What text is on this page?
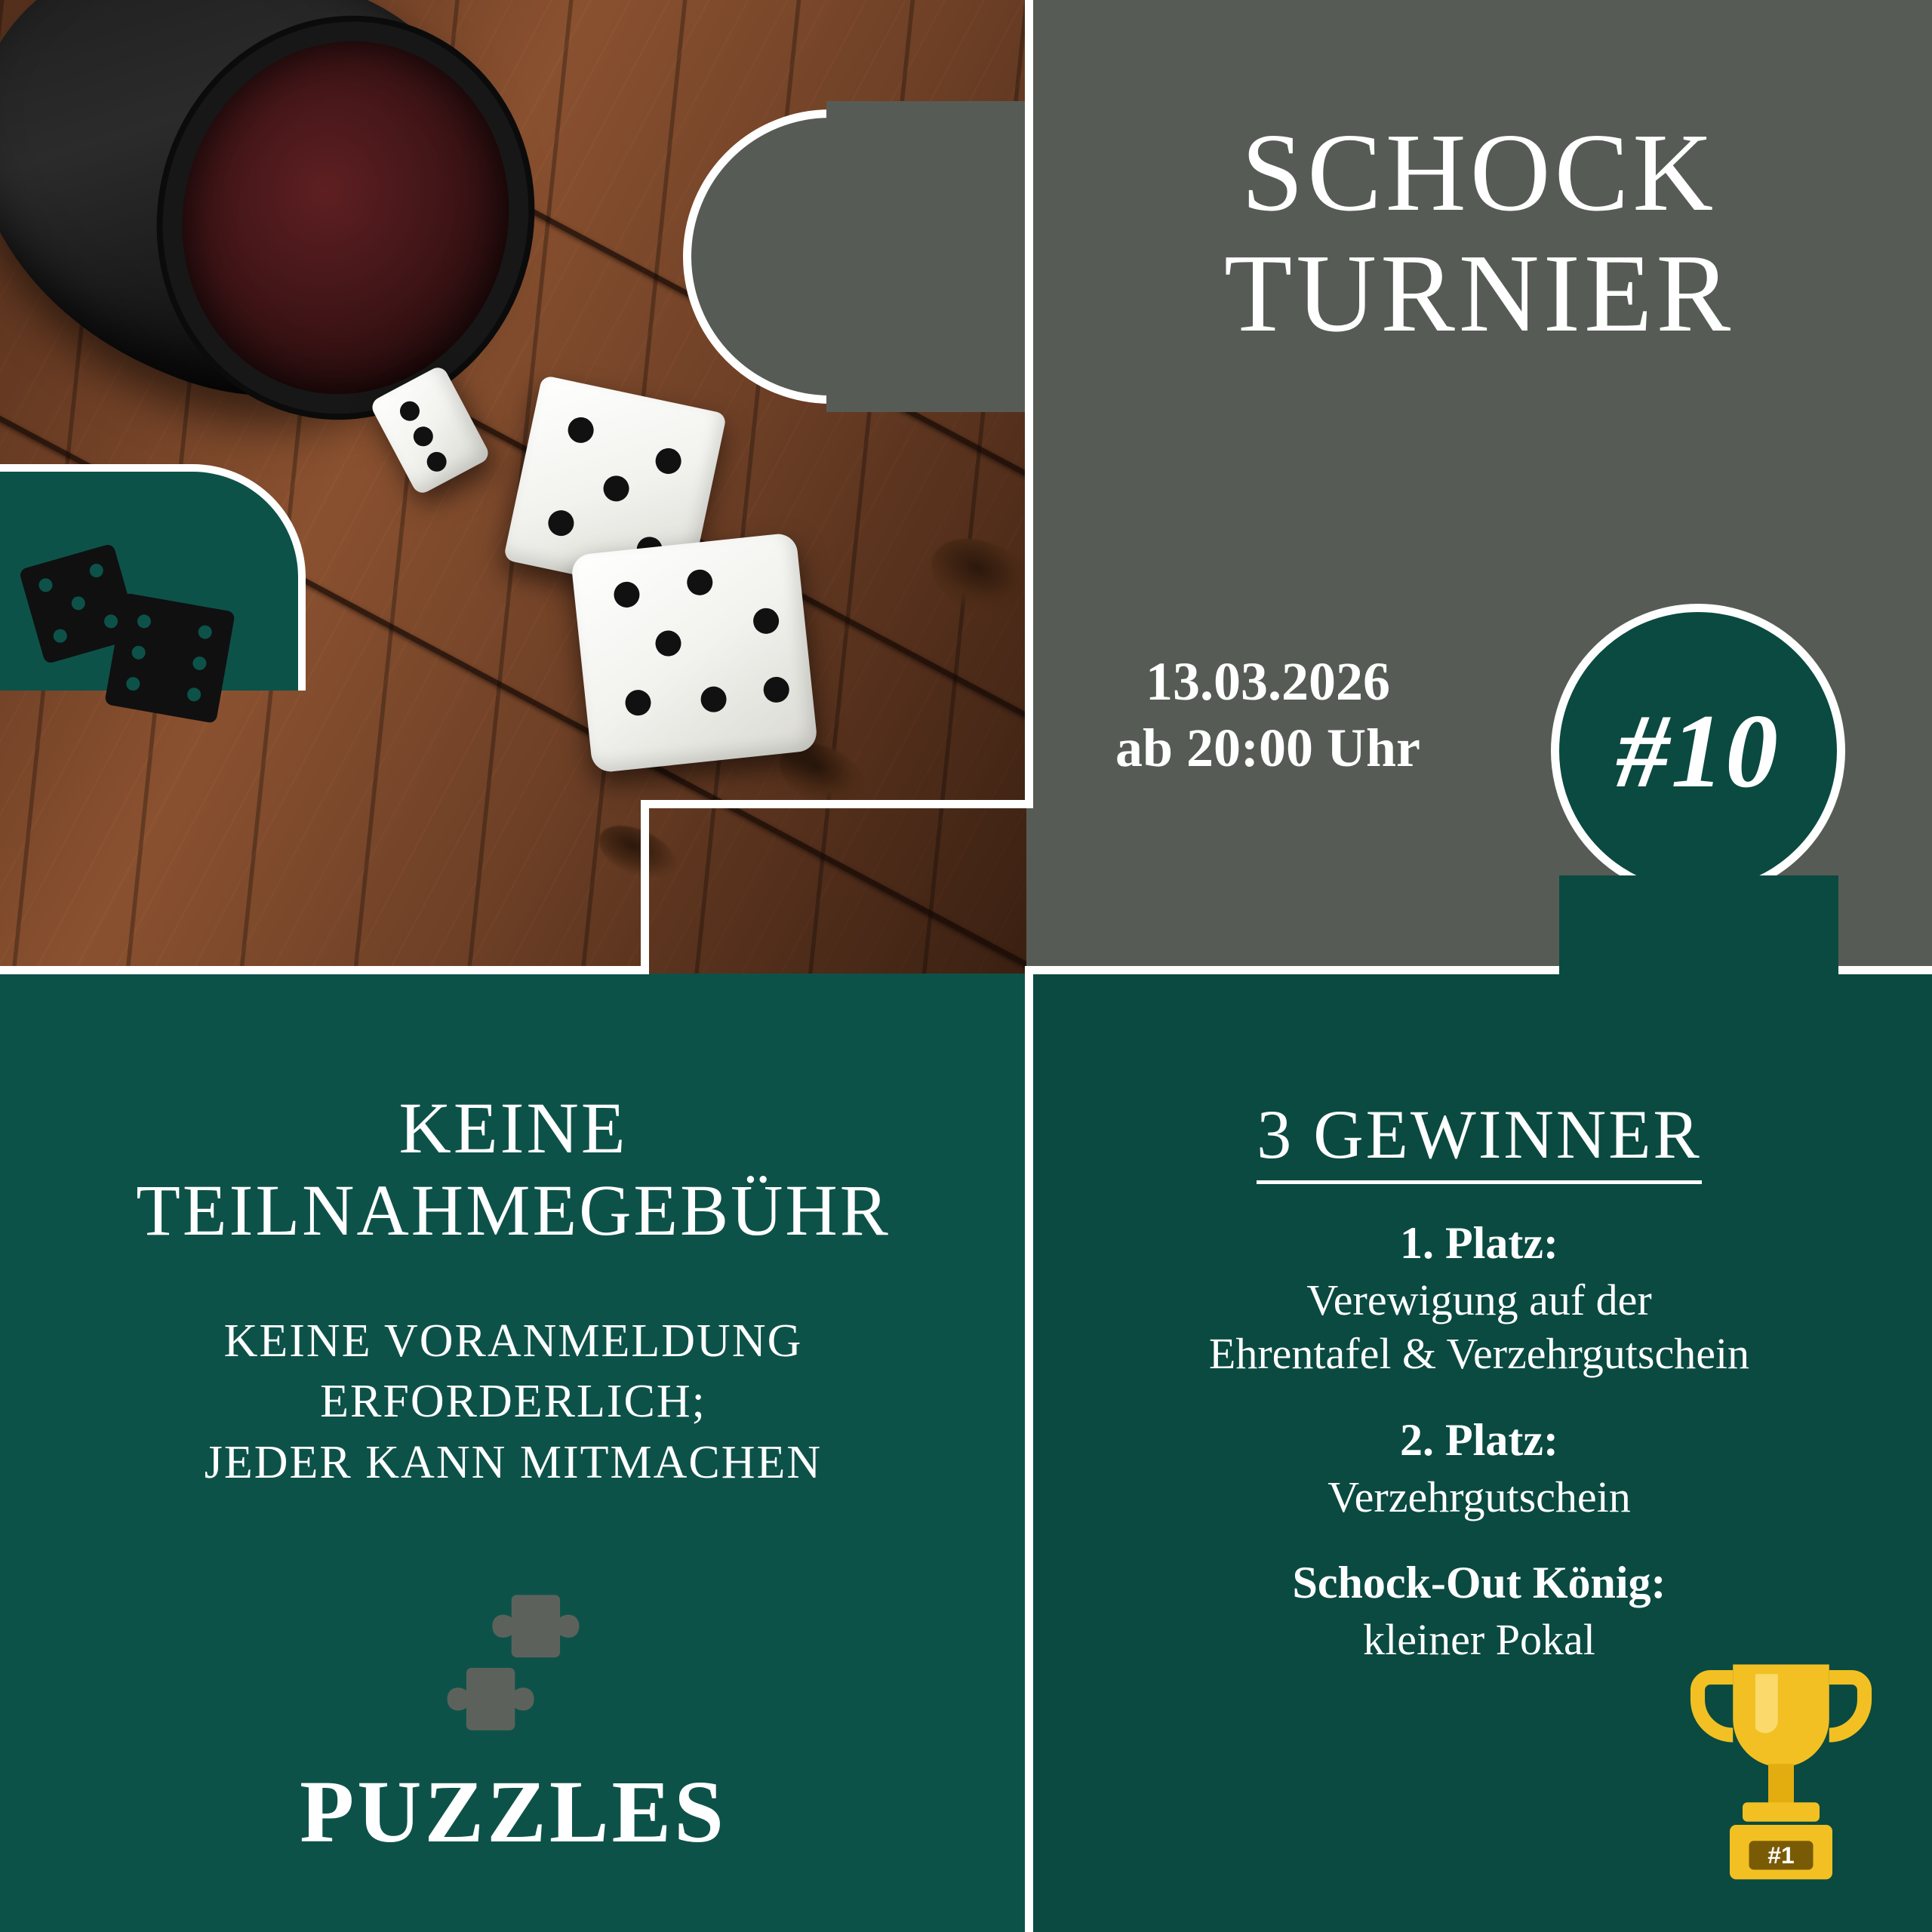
SCHOCK
TURNIER
13.03.2026
ab 20:00 Uhr	#10
KEINE
TEILNAHMEGEBÜHR
KEINE VORANMELDUNG
ERFORDERLICH;
JEDER KANN MITMACHEN
PUZZLES
3 GEWINNER
1. Platz:
Verewigung auf der
Ehrentafel & Verzehrgutschein
2. Platz:
Verzehrgutschein
Schock-Out König:
kleiner Pokal
#1
